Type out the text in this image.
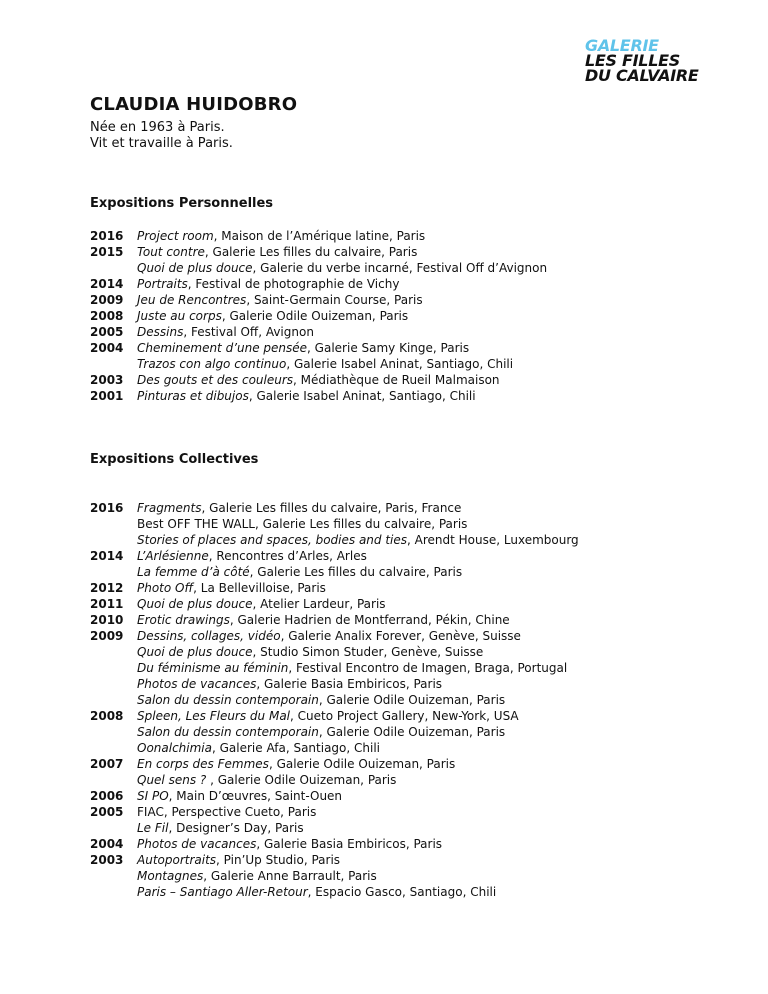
GALERIE
LES FILLES
DU CALVAIRE
CLAUDIA HUIDOBRO
Née en 1963 à Paris.
Vit et travaille à Paris.
Expositions Personnelles
2016	Project room, Maison de l’Amérique latine, Paris
2015	Tout contre, Galerie Les filles du calvaire, Paris
Quoi de plus douce, Galerie du verbe incarné, Festival Off d’Avignon
2014	Portraits, Festival de photographie de Vichy
2009	Jeu de Rencontres, Saint-Germain Course, Paris
2008	Juste au corps, Galerie Odile Ouizeman, Paris
2005	Dessins, Festival Off, Avignon
2004	Cheminement d’une pensée, Galerie Samy Kinge, Paris
Trazos con algo continuo, Galerie Isabel Aninat, Santiago, Chili
2003	Des gouts et des couleurs, Médiathèque de Rueil Malmaison
2001	Pinturas et dibujos, Galerie Isabel Aninat, Santiago, Chili
Expositions Collectives
2016	Fragments, Galerie Les filles du calvaire, Paris, France
Best OFF THE WALL, Galerie Les filles du calvaire, Paris
Stories of places and spaces, bodies and ties, Arendt House, Luxembourg
2014	L’Arlésienne, Rencontres d’Arles, Arles
La femme d’à côté, Galerie Les filles du calvaire, Paris
2012	Photo Off, La Bellevilloise, Paris
2011	Quoi de plus douce, Atelier Lardeur, Paris
2010	Erotic drawings, Galerie Hadrien de Montferrand, Pékin, Chine
2009	Dessins, collages, vidéo, Galerie Analix Forever, Genève, Suisse
Quoi de plus douce, Studio Simon Studer, Genève, Suisse
Du féminisme au féminin, Festival Encontro de Imagen, Braga, Portugal
Photos de vacances, Galerie Basia Embiricos, Paris
Salon du dessin contemporain, Galerie Odile Ouizeman, Paris
2008	Spleen, Les Fleurs du Mal, Cueto Project Gallery, New-York, USA
Salon du dessin contemporain, Galerie Odile Ouizeman, Paris
Oonalchimia, Galerie Afa, Santiago, Chili
2007	En corps des Femmes, Galerie Odile Ouizeman, Paris
Quel sens ? , Galerie Odile Ouizeman, Paris
2006	SI PO, Main D’œuvres, Saint-Ouen
2005	FIAC, Perspective Cueto, Paris
Le Fil, Designer’s Day, Paris
2004	Photos de vacances, Galerie Basia Embiricos, Paris
2003	Autoportraits, Pin’Up Studio, Paris
Montagnes, Galerie Anne Barrault, Paris
Paris – Santiago Aller-Retour, Espacio Gasco, Santiago, Chili
